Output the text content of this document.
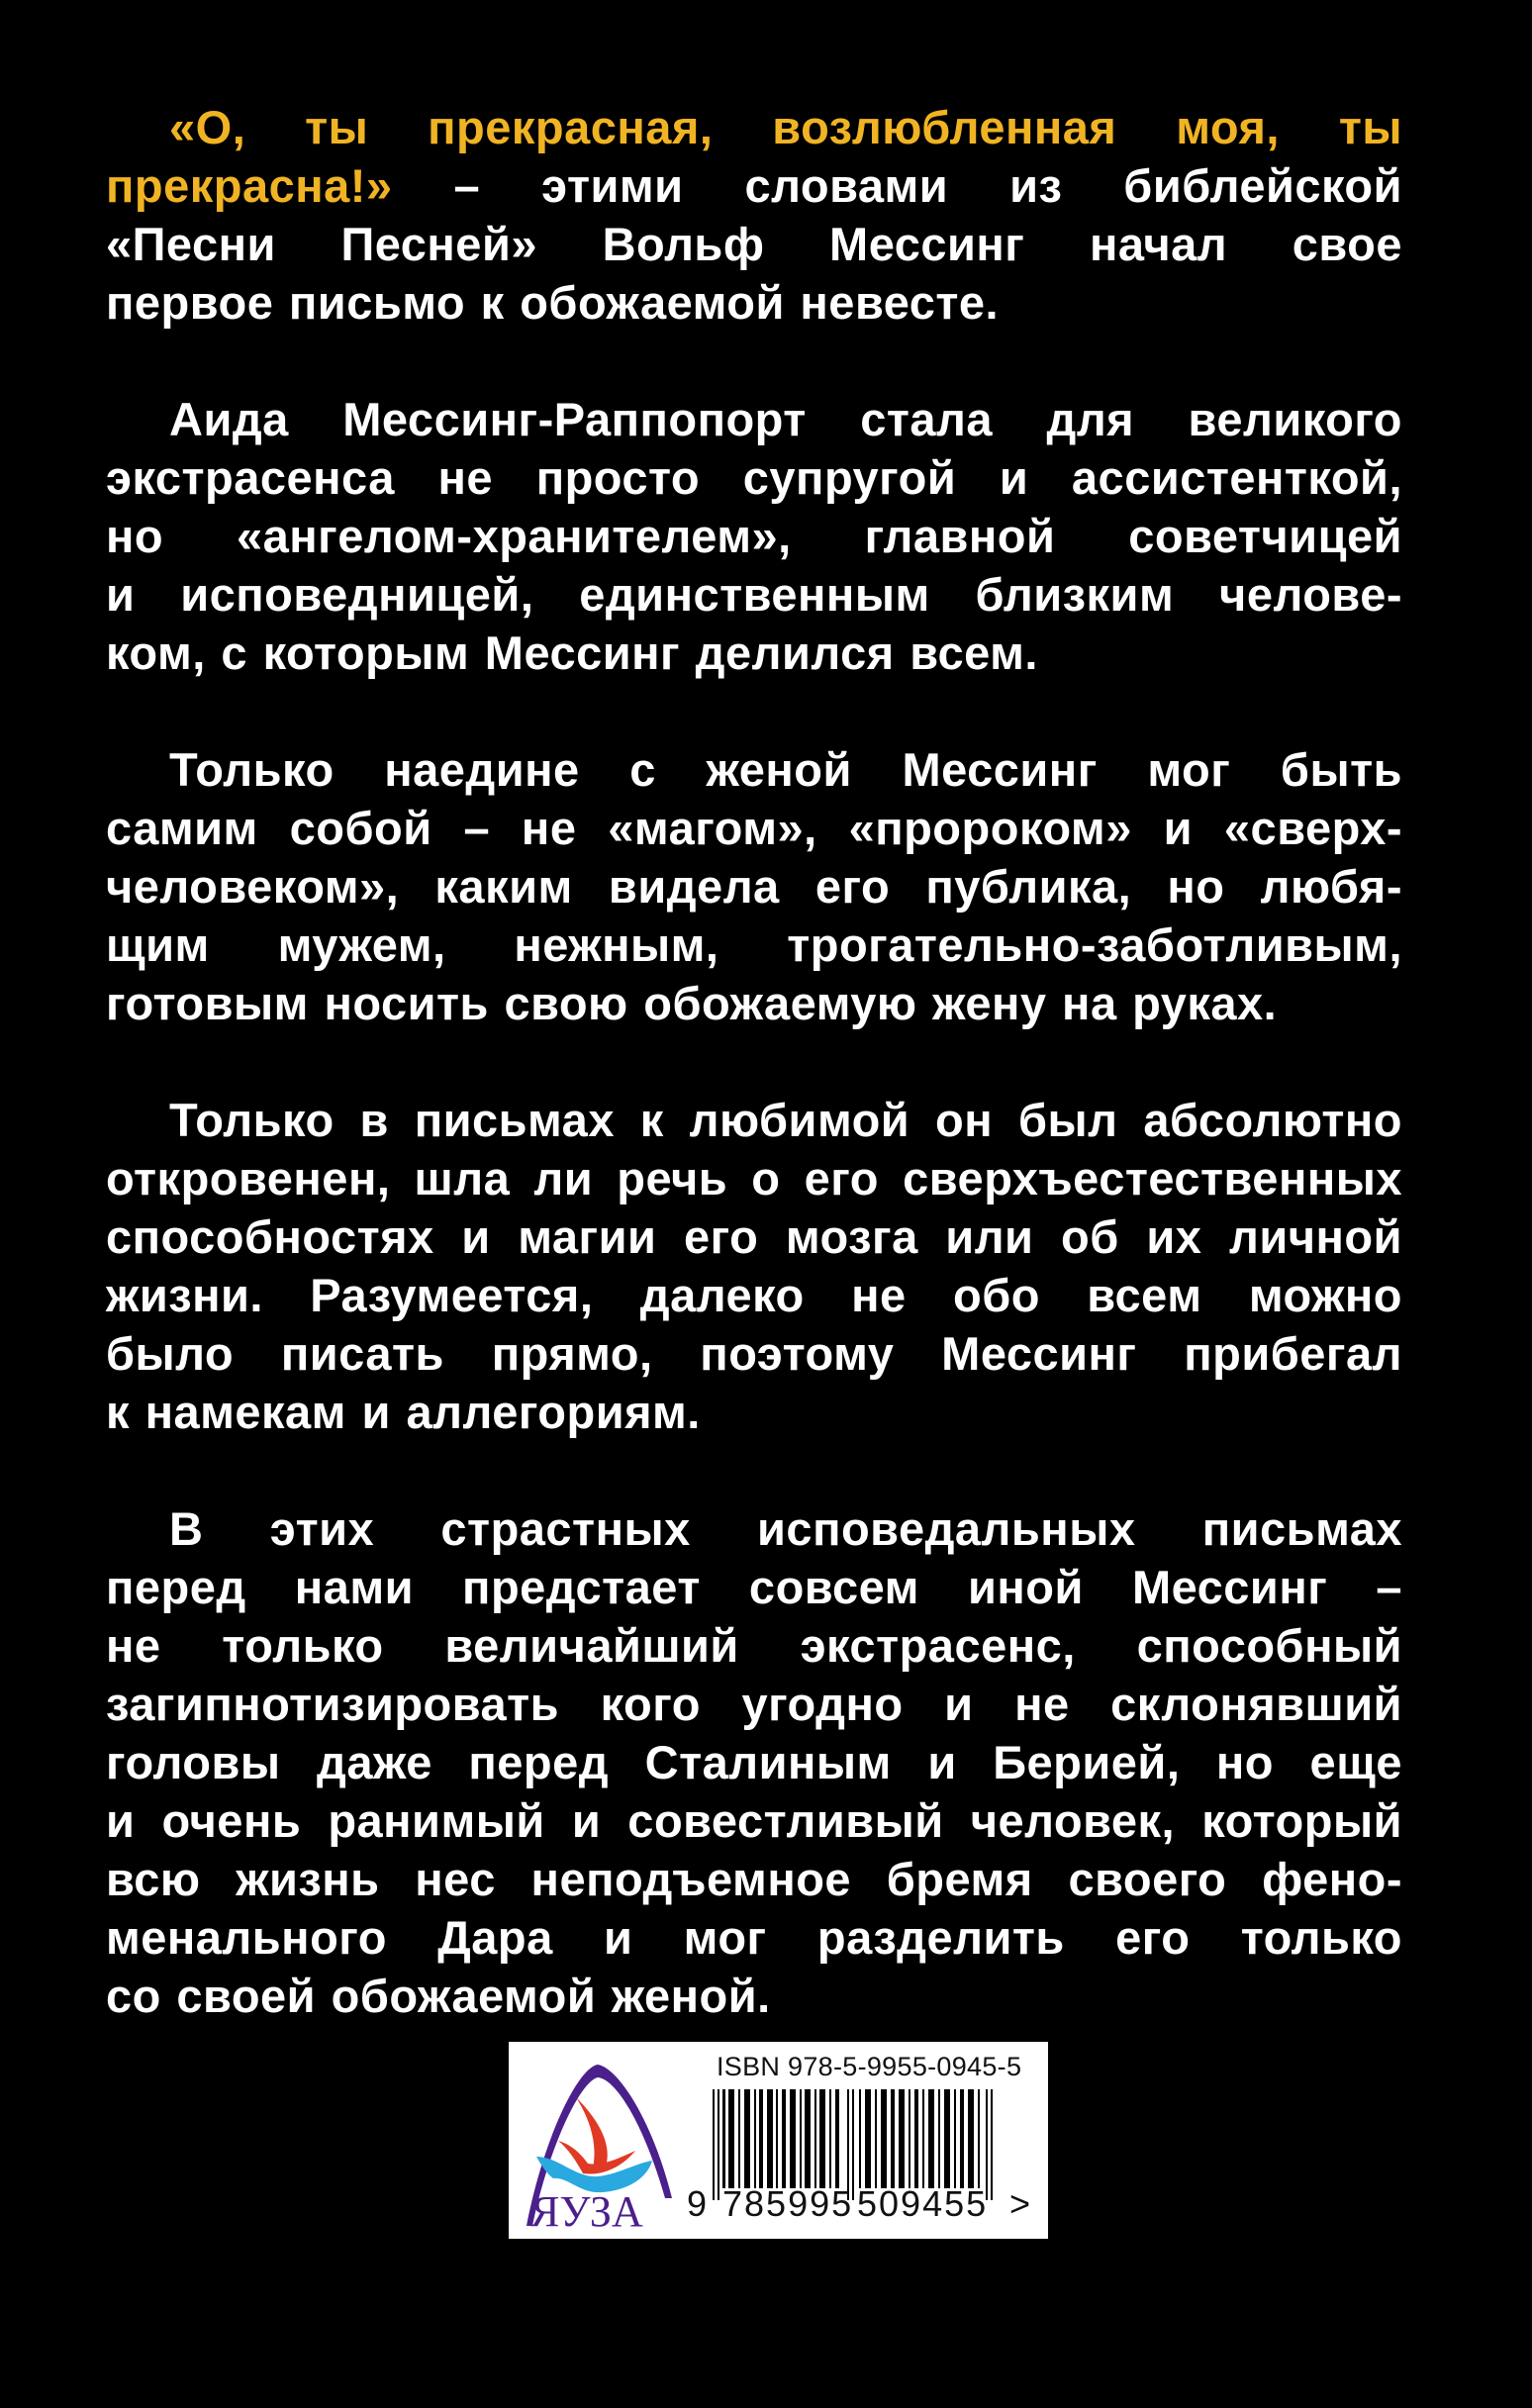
«О, ты прекрасная, возлюбленная моя, ты
прекрасна!» – этими словами из библейской
«Песни Песней» Вольф Мессинг начал свое
первое письмо к обожаемой невесте.
Аида Мессинг-Раппопорт стала для великого
экстрасенса не просто супругой и ассистенткой,
но «ангелом-хранителем», главной советчицей
и исповедницей, единственным близким челове-
ком, с которым Мессинг делился всем.
Только наедине с женой Мессинг мог быть
самим собой – не «магом», «пророком» и «сверх-
человеком», каким видела его публика, но любя-
щим мужем, нежным, трогательно-заботливым,
готовым носить свою обожаемую жену на руках.
Только в письмах к любимой он был абсолютно
откровенен, шла ли речь о его сверхъестественных
способностях и магии его мозга или об их личной
жизни. Разумеется, далеко не обо всем можно
было писать прямо, поэтому Мессинг прибегал
к намекам и аллегориям.
В этих страстных исповедальных письмах
перед нами предстает совсем иной Мессинг –
не только величайший экстрасенс, способный
загипнотизировать кого угодно и не склонявший
головы даже перед Сталиным и Берией, но еще
и очень ранимый и совестливый человек, который
всю жизнь нес неподъемное бремя своего фено-
менального Дара и мог разделить его только
со своей обожаемой женой.
ЯУЗА
ISBN 978-5-9955-0945-5
9 785995 509455 >
